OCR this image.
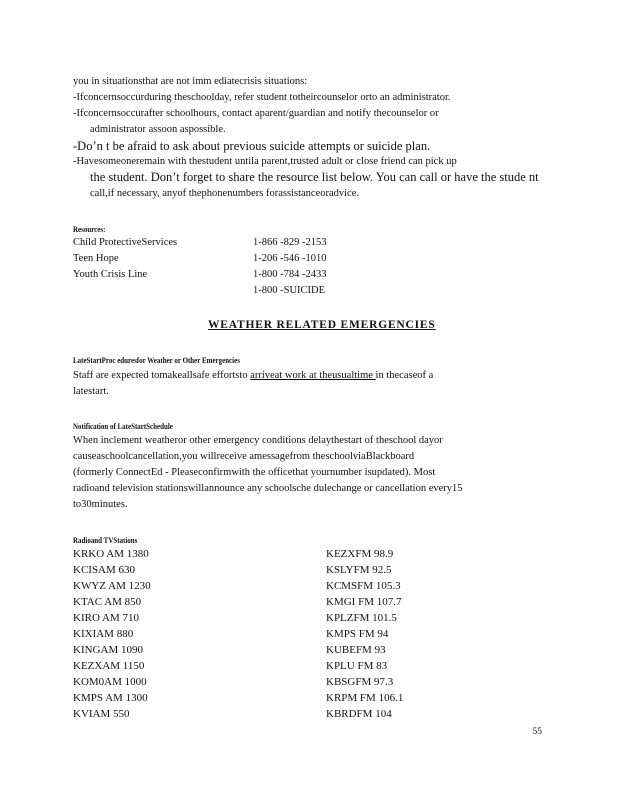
you in situationsthat are not imm ediatecrisis situations:
-Ifconcernsoccurduring theschoolday, refer student totheircounselor orto an administrator.
-Ifconcernsoccurafter schoolhours, contact aparent/guardian and notify thecounselor or
administrator assoon aspossible.
-Do’n t be afraid to ask about previous suicide attempts or suicide plan.
-Havesomeoneremain with thestudent untila parent,trusted adult or close friend can pick up
the student. Don’t forget to share the resource list below. You can call or have the stude nt
call,if necessary, anyof thephonenumbers forassistanceoradvice.
Resources:
Child ProtectiveServices	1-866 -829 -2153
Teen Hope	1-206 -546 -1010
Youth Crisis Line	1-800 -784 -2433
1-800 -SUICIDE
WEATHER RELATED EMERGENCIES
LateStartProc eduresfor Weather or Other Emergencies
Staff are expected tomakeallsafe effortsto arriveat work at theusualtime in thecaseof a
latestart.
Notification of LateStartSchedule
When inclement weatheror other emergency conditions delaythestart of theschool dayor
causeaschoolcancellation,you willreceive amessagefrom theschoolviaBlackboard
(formerly ConnectEd - Pleaseconfirmwith the officethat yournumber isupdated). Most
radioand television stationswillannounce any schoolsche dulechange or cancellation every15
to30minutes.
Radioand TVStations
KRKO AM 1380
KCISAM 630
KWYZ AM 1230
KTAC AM 850
KIRO AM 710
KIXIAM 880
KINGAM 1090
KEZXAM 1150
KOM0AM 1000
KMPS AM 1300
KVIAM 550
KEZXFM 98.9
KSLYFM 92.5
KCMSFM 105.3
KMGI FM 107.7
KPLZFM 101.5
KMPS FM 94
KUBEFM 93
KPLU FM 83
KBSGFM 97.3
KRPM FM 106.1
KBRDFM 104
55
